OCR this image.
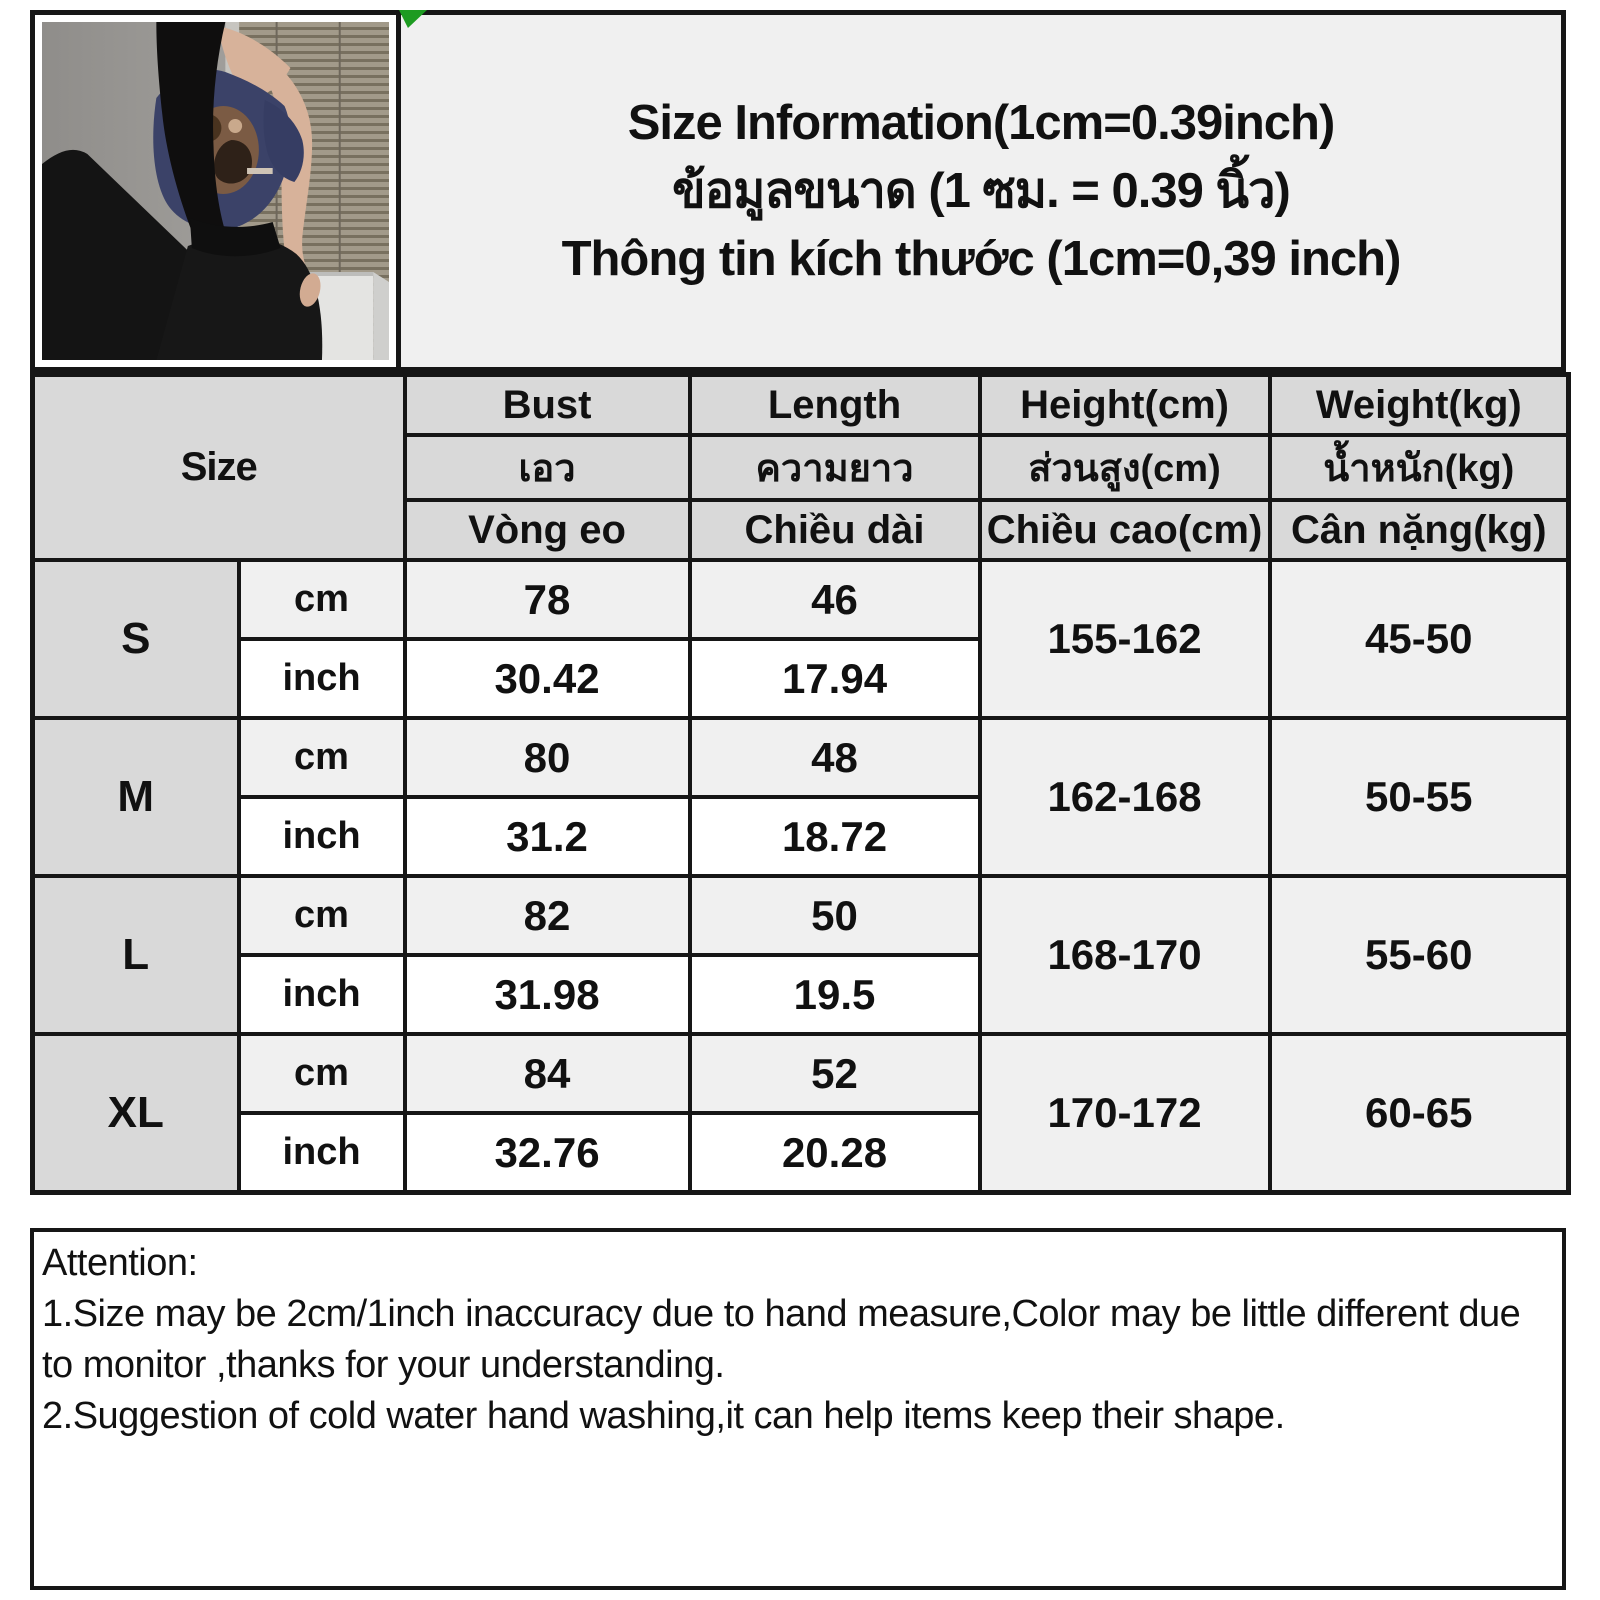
Size Information(1cm=0.39inch)
ข้อมูลขนาด (1 ซม. = 0.39 นิ้ว)
Thông tin kích thước (1cm=0,39 inch)
Size		Bust	Length	Height(cm)	Weight(kg)
		เอว	ความยาว	ส่วนสูง(cm)	น้ำหนัก(kg)
		Vòng eo	Chiều dài	Chiều cao(cm)	Cân nặng(kg)
S	cm	78	46	155-162	45-50
	inch	30.42	17.94		
M	cm	80	48	162-168	50-55
	inch	31.2	18.72		
L	cm	82	50	168-170	55-60
	inch	31.98	19.5		
XL	cm	84	52	170-172	60-65
	inch	32.76	20.28		
Attention:
1.Size may be 2cm/1inch inaccuracy due to hand measure,Color may be little different due to monitor ,thanks for your understanding.
2.Suggestion of cold water hand washing,it can help items keep their shape.
